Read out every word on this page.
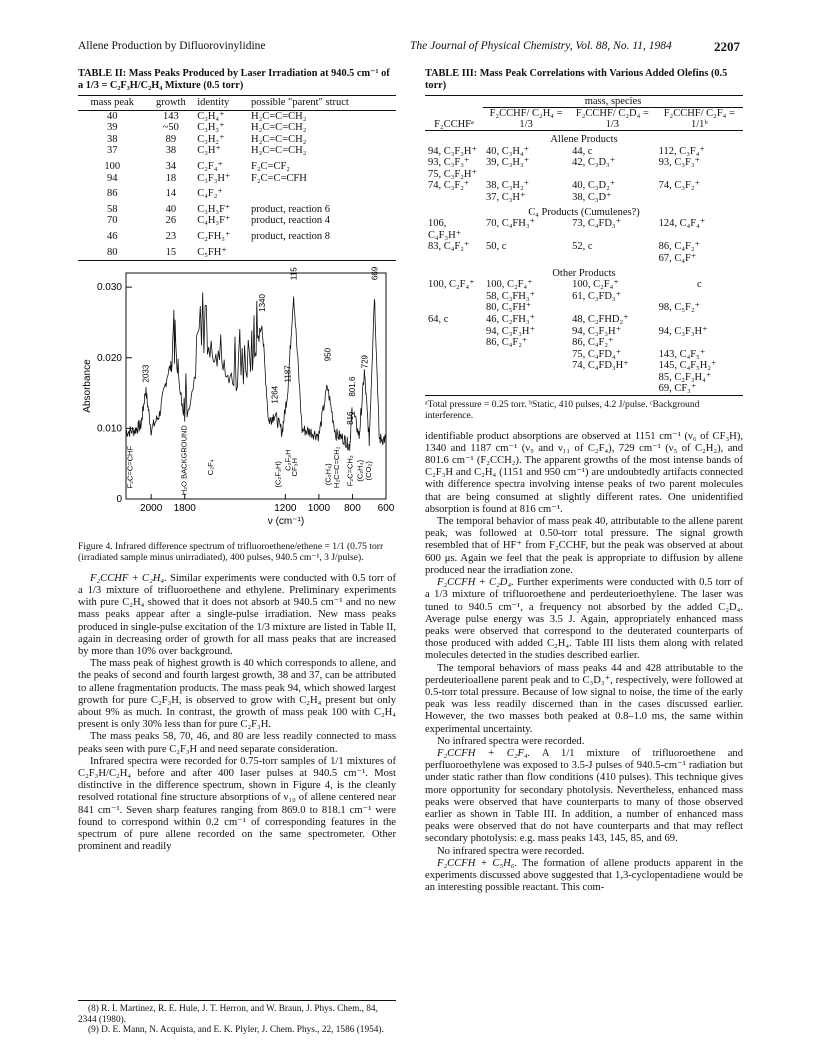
Allene Production by Difluorovinylidine	The Journal of Physical Chemistry, Vol. 88, No. 11, 1984	2207

TABLE II: Mass Peaks Produced by Laser Irradiation at 940.5 cm⁻¹ of a 1/3 = C₂F₃H/C₂H₄ Mixture (0.5 torr)

mass peak	growth	identity	possible "parent" struct
40	143	C₃H₄⁺	H₂C=C=CH₂
39	~50	C₃H₃⁺	H₂C=C=CH₂
38	89	C₃H₂⁺	H₂C=C=CH₂
37	38	C₃H⁺	H₂C=C=CH₂
100	34	C₂F₄⁺	F₂C=CF₂
94	18	C₃F₃H⁺	F₂C=C=CFH
86	14	C₄F₂⁺	
58	40	C₃H₃F⁺	product, reaction 6
70	26	C₄H₃F⁺	product, reaction 4
46	23	C₂FH₃⁺	product, reaction 8
80	15	C₅FH⁺	
0.030
0.020
0.010
0
2000 1800	1200 1000 800 600
ν (cm⁻¹)
Absorbance
1340
1151
950
669
729
2033
1264
1187
816
801.6
F₂C=C=CHF	H₂O BACKGROUND C₂F₄	C₂F₃H
CF₃H
(C₂F₃H)	(C₂H₄) H₂C=C=CH₂ F₂C=CH₂ (C₂H₄) (CO₂)

Figure 4. Infrared difference spectrum of trifluoroethene/ethene = 1/1 (0.75 torr (irradiated sample minus unirradiated), 400 pulses, 940.5 cm⁻¹, 3 J/pulse).

F₂CCHF + C₂H₄. Similar experiments were conducted with 0.5 torr of a 1/3 mixture of trifluoroethene and ethylene. Preliminary experiments with pure C₂H₄ showed that it does not absorb at 940.5 cm⁻¹ and no new mass peaks appear after a single-pulse irradiation. New mass peaks produced in single-pulse excitation of the 1/3 mixture are listed in Table II, again in decreasing order of growth for all mass peaks that are increased by more than 10% over background.

The mass peak of highest growth is 40 which corresponds to allene, and the peaks of second and fourth largest growth, 38 and 37, can be attributed to allene fragmentation products. The mass peak 94, which showed largest growth for pure C₂F₃H, is observed to grow with C₂H₄ present but only about 9% as much. In contrast, the growth of mass peak 100 with C₂H₄ present is only 30% less than for pure C₂F₃H.

The mass peaks 58, 70, 46, and 80 are less readily connected to mass peaks seen with pure C₂F₃H and need separate consideration.

Infrared spectra were recorded for 0.75-torr samples of 1/1 mixtures of C₂F₃H/C₂H₄ before and after 400 laser pulses at 940.5 cm⁻¹. Most distinctive in the difference spectrum, shown in Figure 4, is the cleanly resolved rotational fine structure absorptions of ν₁₀ of allene centered near 841 cm⁻¹. Seven sharp features ranging from 869.0 to 818.1 cm⁻¹ were found to correspond within 0.2 cm⁻¹ of corresponding features in the spectrum of pure allene recorded on the same spectrometer. Other prominent and readily

(8) R. I. Martinez, R. E. Hule, J. T. Herron, and W. Braun, J. Phys. Chem., 84, 2344 (1980).

(9) D. E. Mann, N. Acquista, and E. K. Plyler, J. Chem. Phys., 22, 1586 (1954).

TABLE III: Mass Peak Correlations with Various Added Olefins (0.5 torr)

	mass, species		
F₂CCHFᵃ	F₂CCHF/ C₂H₄ = 1/3	F₂CCHF/ C₂D₄ = 1/3	F₂CCHF/ C₂F₄ = 1/1ᵇ
Allene Products			
94, C₃F₃H⁺	40, C₃H₄⁺	44, c	112, C₃F₄⁺
93, C₃F₃⁺	39, C₃H₃⁺	42, C₃D₃⁺	93, C₃F₃⁺
75, C₃F₂H⁺			
74, C₃F₂⁺	38, C₃H₂⁺	40, C₃D₂⁺	74, C₃F₂⁺
	37, C₃H⁺	38, C₃D⁺	
C₄ Products (Cumulenes?)			
106, C₄F₃H⁺	70, C₄FH₃⁺	73, C₄FD₃⁺	124, C₄F₄⁺
83, C₄F₂⁺	50, c	52, c	86, C₄F₂⁺
			67, C₄F⁺
Other Products			
100, C₂F₄⁺	100, C₂F₄⁺	100, C₂F₄⁺	c
	58, C₃FH₃⁺	61, C₃FD₃⁺	
	80, C₅FH⁺		98, C₅F₂⁺
64, c	46, C₂FH₃⁺	48, C₂FHD₂⁺	
	94, C₃F₃H⁺	94, C₃F₃H⁺	94, C₃F₃H⁺
	86, C₄F₂⁺	86, C₄F₂⁺	
		75, C₄FD₄⁺	143, C₄F₅⁺
		74, C₄FD₃H⁺	145, C₄F₅H₂⁺
			85, C₂F₃H₄⁺
			69, CF₃⁺

ᵃTotal pressure = 0.25 torr. ᵇStatic, 410 pulses, 4.2 J/pulse. ᶜBackground interference.

identifiable product absorptions are observed at 1151 cm⁻¹ (ν₆ of CF₃H), 1340 and 1187 cm⁻¹ (ν₉ and ν₁₁ of C₂F₄), 729 cm⁻¹ (ν₅ of C₂H₂), and 801.6 cm⁻¹ (F₂CCH₂). The apparent growths of the most intense bands of C₂F₃H and C₂H₄ (1151 and 950 cm⁻¹) are undoubtedly artifacts connected with difference spectra involving intense peaks of two parent molecules that are being consumed at slightly different rates. One unidentified absorption is found at 816 cm⁻¹.

The temporal behavior of mass peak 40, attributable to the allene parent peak, was followed at 0.50-torr total pressure. The signal growth resembled that of HF⁺ from F₂CCHF, but the peak was observed at about 600 μs. Again we feel that the peak is appropriate to diffusion by allene produced near the irradiation zone.

F₂CCFH + C₂D₄. Further experiments were conducted with 0.5 torr of a 1/3 mixture of trifluoroethene and perdeuterioethylene. The laser was tuned to 940.5 cm⁻¹, a frequency not absorbed by the added C₂D₄. Average pulse energy was 3.5 J. Again, appropriately enhanced mass peaks were observed that correspond to the deuterated counterparts of those produced with added C₂H₄. Table III lists them along with related molecules detected in the studies described earlier.

The temporal behaviors of mass peaks 44 and 428 attributable to the perdeuterioallene parent peak and to C₃D₃⁺, respectively, were followed at 0.5-torr total pressure. Because of low signal to noise, the time of the early peak was less readily discerned than in the cases discussed earlier. However, the two masses both peaked at 0.8–1.0 ms, the same within experimental uncertainty.

No infrared spectra were recorded.

F₂CCFH + C₂F₄. A 1/1 mixture of trifluoroethene and perfluoroethylene was exposed to 3.5-J pulses of 940.5-cm⁻¹ radiation but under static rather than flow conditions (410 pulses). This technique gives more opportunity for secondary photolysis. Nevertheless, enhanced mass peaks were observed that have counterparts to many of those observed earlier as shown in Table III. In addition, a number of enhanced mass peaks were observed that do not have counterparts and that may reflect secondary photolysis: e.g. mass peaks 143, 145, 85, and 69.

No infrared spectra were recorded.

F₂CCFH + C₅H₆. The formation of allene products apparent in the experiments discussed above suggested that 1,3-cyclopentadiene would be an interesting possible reactant. This com-
